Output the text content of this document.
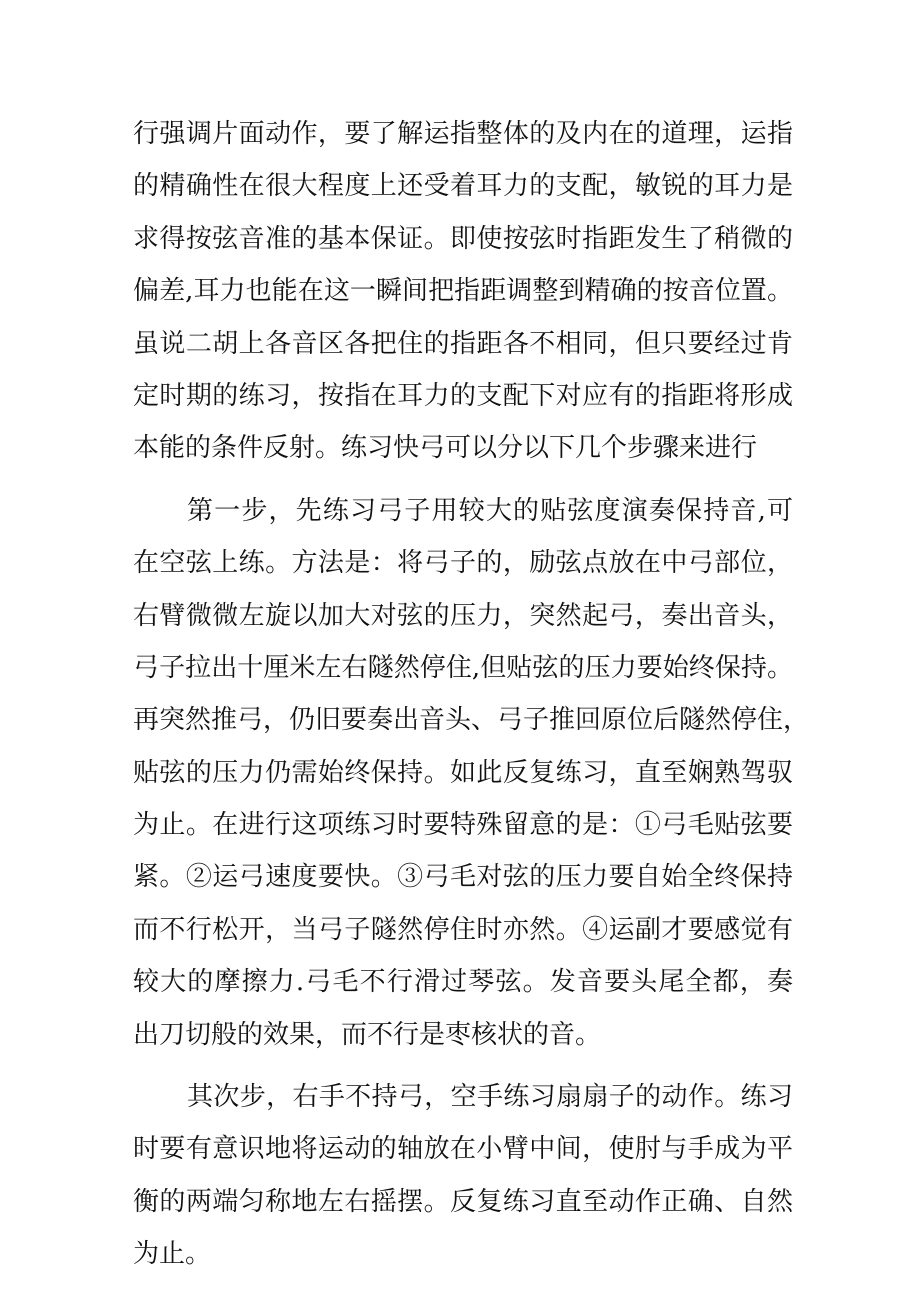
行强调片面动作，要了解运指整体的及内在的道理，运指
的精确性在很大程度上还受着耳力的支配，敏锐的耳力是
求得按弦音准的基本保证。即使按弦时指距发生了稍微的
偏差,耳力也能在这一瞬间把指距调整到精确的按音位置。
虽说二胡上各音区各把住的指距各不相同，但只要经过肯
定时期的练习，按指在耳力的支配下对应有的指距将形成
本能的条件反射。练习快弓可以分以下几个步骤来进行
第一步，先练习弓子用较大的贴弦度演奏保持音,可
在空弦上练。方法是：将弓子的，励弦点放在中弓部位，
右臂微微左旋以加大对弦的压力，突然起弓，奏出音头，
弓子拉出十厘米左右隧然停住,但贴弦的压力要始终保持。
再突然推弓，仍旧要奏出音头、弓子推回原位后隧然停住，
贴弦的压力仍需始终保持。如此反复练习，直至娴熟驾驭
为止。在进行这项练习时要特殊留意的是：①弓毛贴弦要
紧。②运弓速度要快。③弓毛对弦的压力要自始全终保持
而不行松开，当弓子隧然停住时亦然。④运副才要感觉有
较大的摩擦力.弓毛不行滑过琴弦。发音要头尾全都，奏
出刀切般的效果，而不行是枣核状的音。
其次步，右手不持弓，空手练习扇扇子的动作。练习
时要有意识地将运动的轴放在小臂中间，使肘与手成为平
衡的两端匀称地左右摇摆。反复练习直至动作正确、自然
为止。
